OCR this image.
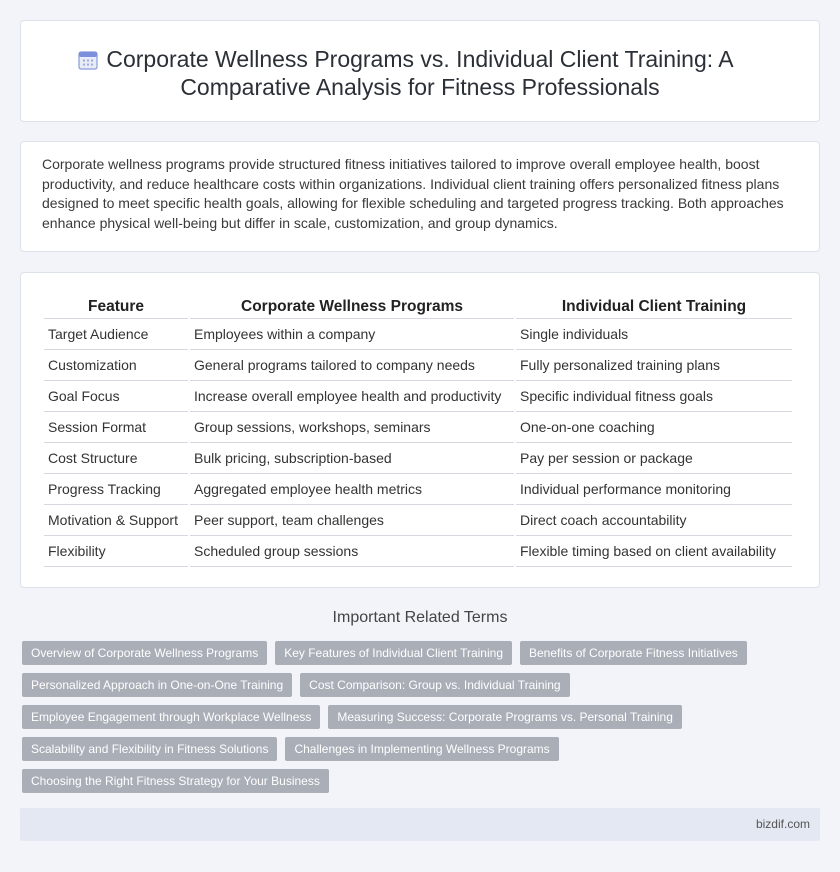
Corporate Wellness Programs vs. Individual Client Training: A Comparative Analysis for Fitness Professionals

Corporate wellness programs provide structured fitness initiatives tailored to improve overall employee health, boost productivity, and reduce healthcare costs within organizations. Individual client training offers personalized fitness plans designed to meet specific health goals, allowing for flexible scheduling and targeted progress tracking. Both approaches enhance physical well-being but differ in scale, customization, and group dynamics.

Feature	Corporate Wellness Programs	Individual Client Training
Target Audience	Employees within a company	Single individuals
Customization	General programs tailored to company needs	Fully personalized training plans
Goal Focus	Increase overall employee health and productivity	Specific individual fitness goals
Session Format	Group sessions, workshops, seminars	One-on-one coaching
Cost Structure	Bulk pricing, subscription-based	Pay per session or package
Progress Tracking	Aggregated employee health metrics	Individual performance monitoring
Motivation & Support	Peer support, team challenges	Direct coach accountability
Flexibility	Scheduled group sessions	Flexible timing based on client availability
Important Related Terms
Overview of Corporate Wellness Programs	Key Features of Individual Client Training	Benefits of Corporate Fitness Initiatives
Personalized Approach in One-on-One Training	Cost Comparison: Group vs. Individual Training
Employee Engagement through Workplace Wellness	Measuring Success: Corporate Programs vs. Personal Training
Scalability and Flexibility in Fitness Solutions	Challenges in Implementing Wellness Programs
Choosing the Right Fitness Strategy for Your Business
bizdif.com
